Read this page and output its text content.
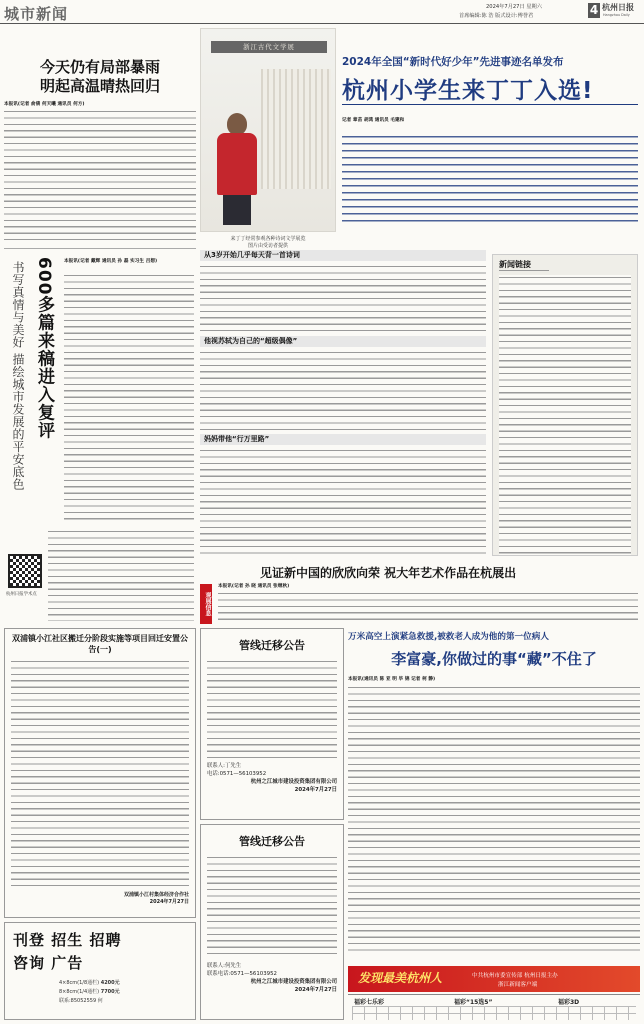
城市新闻	2024年7月27日 星期六
首席编辑:陈 浩 版式设计:傅誉君	4 杭州日报
Hangzhou Daily
今天仍有局部暴雨
明起高温晴热回归
本报讯(记者 俞倩 何天曦 通讯员 何方)
600多篇来稿进入复评
书写真情与美好 描绘城市发展的平安底色	本报讯(记者 戴辉 通讯员 孙 磊 实习生 吕想)
杭州日报学术点
浙江古代文学展
来丁丁经常参观各种诗词文学展览
图片由受访者提供
2024年全国“新时代好少年”先进事迹名单发布
杭州小学生来丁丁入选!
记者 章苗 胡鸿 通讯员 毛建和
从3岁开始几乎每天背一首诗词
他视苏轼为自己的“超级偶像”
妈妈带他“行万里路”
新闻链接
见证新中国的欣欣向荣 祝大年艺术作品在杭展出
观展信息
本报讯(记者 孙 晓 通讯员 张继秋)
双浦镇小江社区搬迁分阶段实施等项目回迁安置公告(一)
双浦镇小江村集体经济合作社
2024年7月27日
刊登 招生 招聘
咨询 广告
4×8cm(1/8通栏) 4200元
8×8cm(1/4通栏) 7700元
联系:85052559 何
管线迁移公告
联系人:丁先生
电话:0571—56103952
杭州之江城市建设投资集团有限公司
2024年7月27日
管线迁移公告
联系人:何先生
联系电话:0571—56103952
杭州之江城市建设投资集团有限公司
2024年7月27日
万米高空上演紧急救援,被救老人成为他的第一位病人
李富豪,你做过的事“藏”不住了
本报讯(通讯员 陈 亚 明 毕 锦 记者 柯 静)
发现最美杭州人	中共杭州市委宣传部 杭州日报主办
浙江新闻客户端
福彩七乐彩	福彩“15选5”	福彩3D
